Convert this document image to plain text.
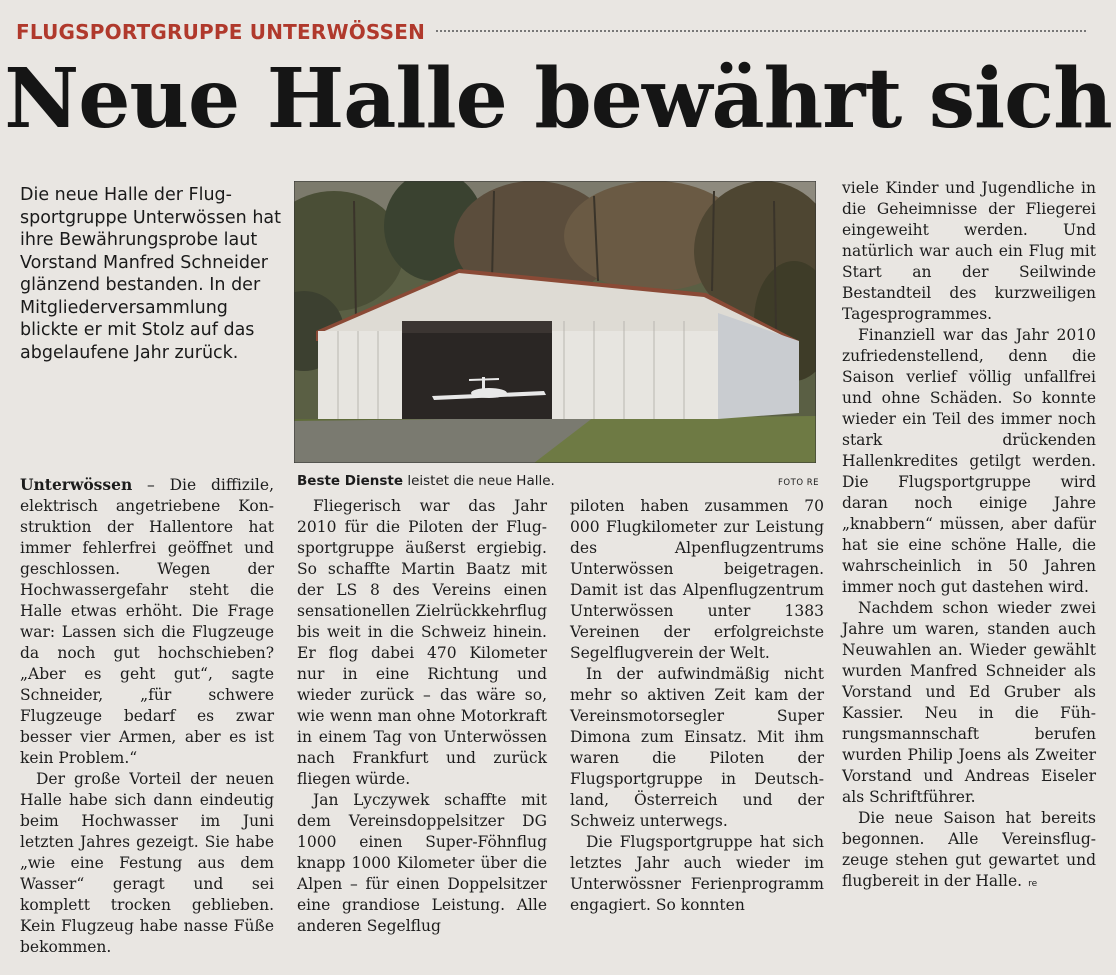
FLUGSPORTGRUPPE UNTERWÖSSEN
Neue Halle bewährt sich

Die neue Halle der Flugsportgruppe Unterwössen hat ihre Bewährungsprobe laut Vorstand Manfred Schneider glänzend bestanden. In der Mitgliederversammlung blickte er mit Stolz auf das abgelaufene Jahr zurück.

Beste Dienste leistet die neue Halle.	FOTO RE

Unterwössen – Die diffizile, elektrisch angetriebene Konstruktion der Hallentore hat immer fehlerfrei geöffnet und geschlossen. Wegen der Hochwassergefahr steht die Halle etwas erhöht. Die Frage war: Lassen sich die Flugzeuge da noch gut hochschieben? „Aber es geht gut“, sagte Schneider, „für schwere Flugzeuge bedarf es zwar besser vier Armen, aber es ist kein Problem.“

Der große Vorteil der neuen Halle habe sich dann eindeutig beim Hochwasser im Juni letzten Jahres gezeigt. Sie habe „wie eine Festung aus dem Wasser“ geragt und sei komplett trocken geblieben. Kein Flugzeug habe nasse Füße bekommen.

Fliegerisch war das Jahr 2010 für die Piloten der Flugsportgruppe äußerst ergiebig. So schaffte Martin Baatz mit der LS 8 des Vereins einen sensationellen Zielrückkehrflug bis weit in die Schweiz hinein. Er flog dabei 470 Kilometer nur in eine Richtung und wieder zurück – das wäre so, wie wenn man ohne Motorkraft in einem Tag von Unterwössen nach Frankfurt und zurück fliegen würde.

Jan Lyczywek schaffte mit dem Vereinsdoppelsitzer DG 1000 einen Super-Föhnflug knapp 1000 Kilometer über die Alpen – für einen Doppelsitzer eine grandiose Leistung. Alle anderen Segelflug

piloten haben zusammen 70 000 Flugkilometer zur Leistung des Alpenflugzentrums Unterwössen beigetragen. Damit ist das Alpenflugzentrum Unterwössen unter 1383 Vereinen der erfolgreichste Segelflugverein der Welt.

In der aufwindmäßig nicht mehr so aktiven Zeit kam der Vereinsmotorsegler Super Dimona zum Einsatz. Mit ihm waren die Piloten der Flugsportgruppe in Deutschland, Österreich und der Schweiz unterwegs.

Die Flugsportgruppe hat sich letztes Jahr auch wieder im Unterwössner Ferienprogramm engagiert. So konnten

viele Kinder und Jugendliche in die Geheimnisse der Fliegerei eingeweiht werden. Und natürlich war auch ein Flug mit Start an der Seilwinde Bestandteil des kurzweiligen Tagesprogrammes.

Finanziell war das Jahr 2010 zufriedenstellend, denn die Saison verlief völlig unfallfrei und ohne Schäden. So konnte wieder ein Teil des immer noch stark drückenden Hallenkredites getilgt werden. Die Flugsportgruppe wird daran noch einige Jahre „knabbern“ müssen, aber dafür hat sie eine schöne Halle, die wahrscheinlich in 50 Jahren immer noch gut dastehen wird.

Nachdem schon wieder zwei Jahre um waren, standen auch Neuwahlen an. Wieder gewählt wurden Manfred Schneider als Vorstand und Ed Gruber als Kassier. Neu in die Führungsmannschaft berufen wurden Philip Joens als Zweiter Vorstand und Andreas Eiseler als Schriftführer.

Die neue Saison hat bereits begonnen. Alle Vereinsflugzeuge stehen gut gewartet und flugbereit in der Halle. re
